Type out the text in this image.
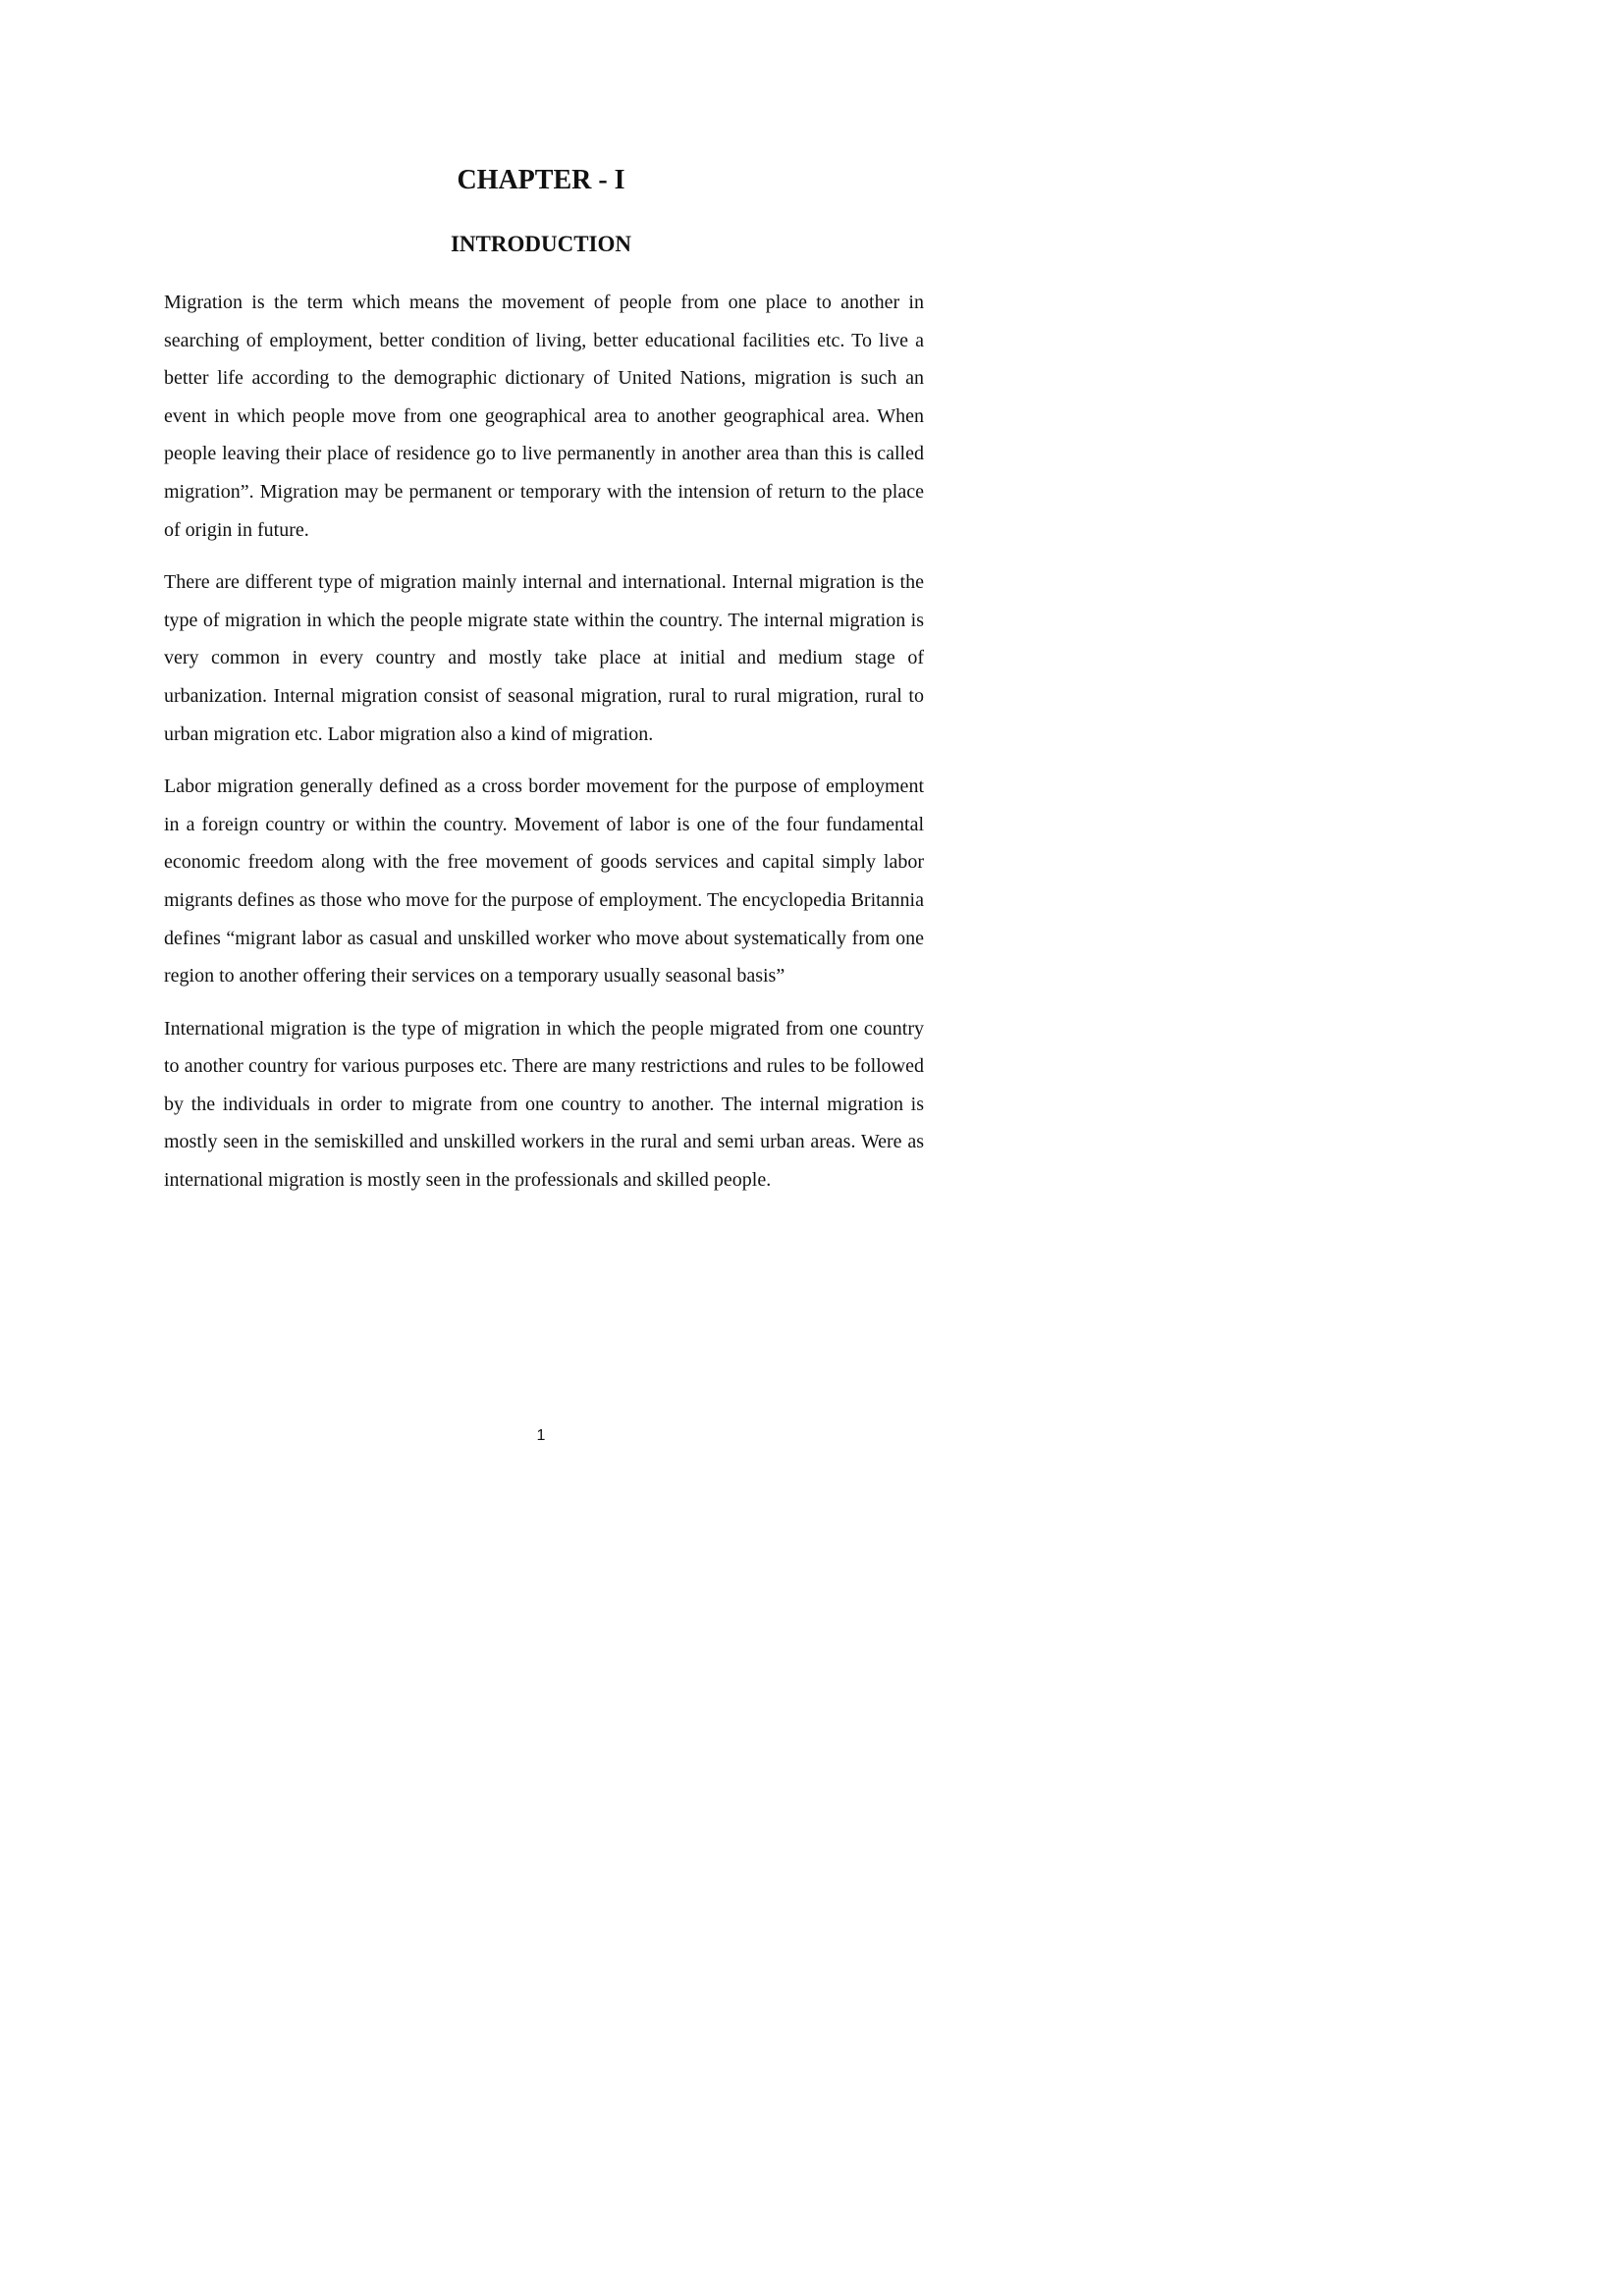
CHAPTER - I
INTRODUCTION

Migration is the term which means the movement of people from one place to another in searching of employment, better condition of living, better educational facilities etc. To live a better life according to the demographic dictionary of United Nations, migration is such an event in which people move from one geographical area to another geographical area. When people leaving their place of residence go to live permanently in another area than this is called migration”. Migration may be permanent or temporary with the intension of return to the place of origin in future.

There are different type of migration mainly internal and international. Internal migration is the type of migration in which the people migrate state within the country. The internal migration is very common in every country and mostly take place at initial and medium stage of urbanization. Internal migration consist of seasonal migration, rural to rural migration, rural to urban migration etc. Labor migration also a kind of migration.

Labor migration generally defined as a cross border movement for the purpose of employment in a foreign country or within the country. Movement of labor is one of the four fundamental economic freedom along with the free movement of goods services and capital simply labor migrants defines as those who move for the purpose of employment. The encyclopedia Britannia defines “migrant labor as casual and unskilled worker who move about systematically from one region to another offering their services on a temporary usually seasonal basis”

International migration is the type of migration in which the people migrated from one country to another country for various purposes etc. There are many restrictions and rules to be followed by the individuals in order to migrate from one country to another. The internal migration is mostly seen in the semiskilled and unskilled workers in the rural and semi urban areas. Were as international migration is mostly seen in the professionals and skilled people.

1
